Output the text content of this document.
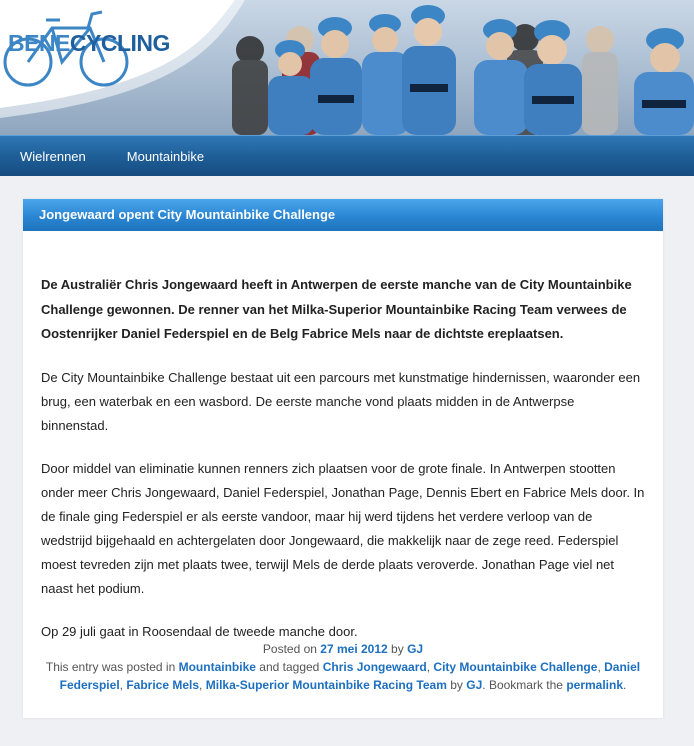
BENECYCLING
Wielrennen	Mountainbike
Jongewaard opent City Mountainbike Challenge

De Australiër Chris Jongewaard heeft in Antwerpen de eerste manche van de City Mountainbike Challenge gewonnen. De renner van het Milka-Superior Mountainbike Racing Team verwees de Oostenrijker Daniel Federspiel en de Belg Fabrice Mels naar de dichtste ereplaatsen.

De City Mountainbike Challenge bestaat uit een parcours met kunstmatige hindernissen, waaronder een brug, een waterbak en een wasbord. De eerste manche vond plaats midden in de Antwerpse binnenstad.

Door middel van eliminatie kunnen renners zich plaatsen voor de grote finale. In Antwerpen stootten onder meer Chris Jongewaard, Daniel Federspiel, Jonathan Page, Dennis Ebert en Fabrice Mels door. In de finale ging Federspiel er als eerste vandoor, maar hij werd tijdens het verdere verloop van de wedstrijd bijgehaald en achtergelaten door Jongewaard, die makkelijk naar de zege reed. Federspiel moest tevreden zijn met plaats twee, terwijl Mels de derde plaats veroverde. Jonathan Page viel net naast het podium.

Op 29 juli gaat in Roosendaal de tweede manche door.

Posted on 27 mei 2012 by GJ
This entry was posted in Mountainbike and tagged Chris Jongewaard, City Mountainbike Challenge, Daniel Federspiel, Fabrice Mels, Milka-Superior Mountainbike Racing Team by GJ. Bookmark the permalink.
